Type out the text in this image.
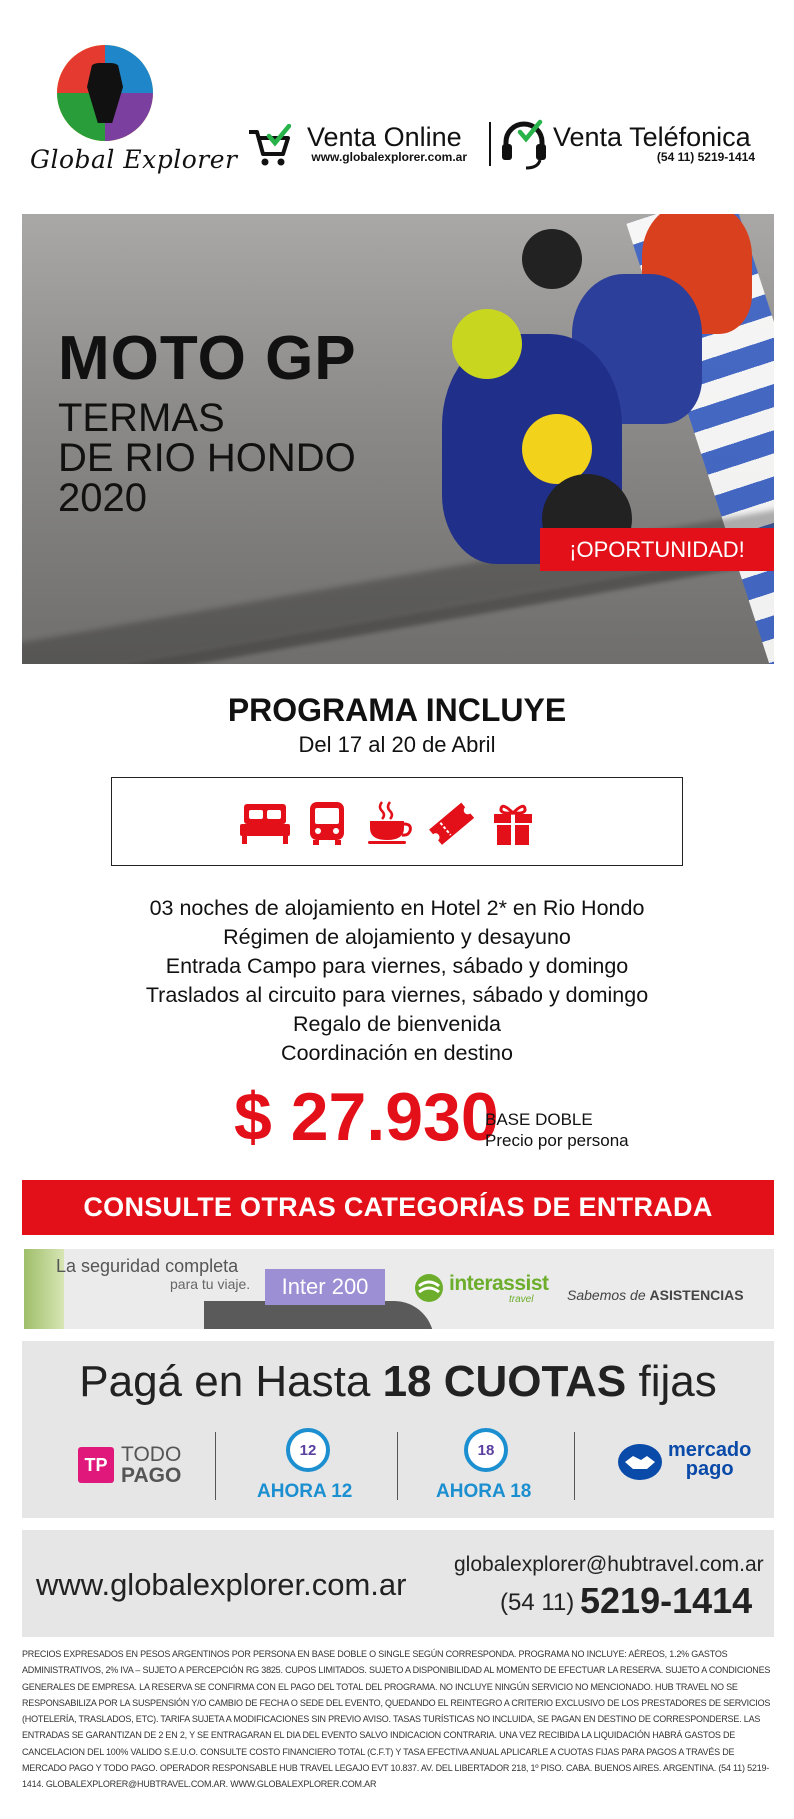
Global Explorer
Venta Online
www.globalexplorer.com.ar
Venta Teléfonica
(54 11) 5219-1414
MOTO GP
TERMAS
DE RIO HONDO
2020
¡OPORTUNIDAD!
PROGRAMA INCLUYE
Del 17 al 20 de Abril
03 noches de alojamiento en Hotel 2* en Rio Hondo
Régimen de alojamiento y desayuno
Entrada Campo para viernes, sábado y domingo
Traslados al circuito para viernes, sábado y domingo
Regalo de bienvenida
Coordinación en destino
$ 27.930
BASE DOBLE
Precio por persona
CONSULTE OTRAS CATEGORÍAS DE ENTRADA
La seguridad completa
para tu viaje.	Inter 200	interassist
travel Sabemos de ASISTENCIAS
Pagá en Hasta 18 CUOTAS fijas
TP TODO
PAGO
12
AHORA 12
18
AHORA 18
mercado
pago
www.globalexplorer.com.ar
globalexplorer@hubtravel.com.ar
(54 11) 5219-1414
PRECIOS EXPRESADOS EN PESOS ARGENTINOS POR PERSONA EN BASE DOBLE O SINGLE SEGÚN CORRESPONDA. PROGRAMA NO INCLUYE: AÉREOS, 1.2% GASTOS ADMINISTRATIVOS, 2% IVA – SUJETO A PERCEPCIÓN RG 3825. CUPOS LIMITADOS. SUJETO A DISPONIBILIDAD AL MOMENTO DE EFECTUAR LA RESERVA. SUJETO A CONDICIONES GENERALES DE EMPRESA. LA RESERVA SE CONFIRMA CON EL PAGO DEL TOTAL DEL PROGRAMA. NO INCLUYE NINGÚN SERVICIO NO MENCIONADO. HUB TRAVEL NO SE RESPONSABILIZA POR LA SUSPENSIÓN Y/O CAMBIO DE FECHA O SEDE DEL EVENTO, QUEDANDO EL REINTEGRO A CRITERIO EXCLUSIVO DE LOS PRESTADORES DE SERVICIOS (HOTELERÍA, TRASLADOS, ETC). TARIFA SUJETA A MODIFICACIONES SIN PREVIO AVISO. TASAS TURÍSTICAS NO INCLUIDA, SE PAGAN EN DESTINO DE CORRESPONDERSE. LAS ENTRADAS SE GARANTIZAN DE 2 EN 2, Y SE ENTRAGARAN EL DIA DEL EVENTO SALVO INDICACION CONTRARIA. UNA VEZ RECIBIDA LA LIQUIDACIÓN HABRÁ GASTOS DE CANCELACION DEL 100% VALIDO S.E.U.O. CONSULTE COSTO FINANCIERO TOTAL (C.F.T) Y TASA EFECTIVA ANUAL APLICARLE A CUOTAS FIJAS PARA PAGOS A TRAVÉS DE MERCADO PAGO Y TODO PAGO. OPERADOR RESPONSABLE HUB TRAVEL LEGAJO EVT 10.837. AV. DEL LIBERTADOR 218, 1º PISO. CABA. BUENOS AIRES. ARGENTINA. (54 11) 5219-1414. GLOBALEXPLORER@HUBTRAVEL.COM.AR. WWW.GLOBALEXPLORER.COM.AR
